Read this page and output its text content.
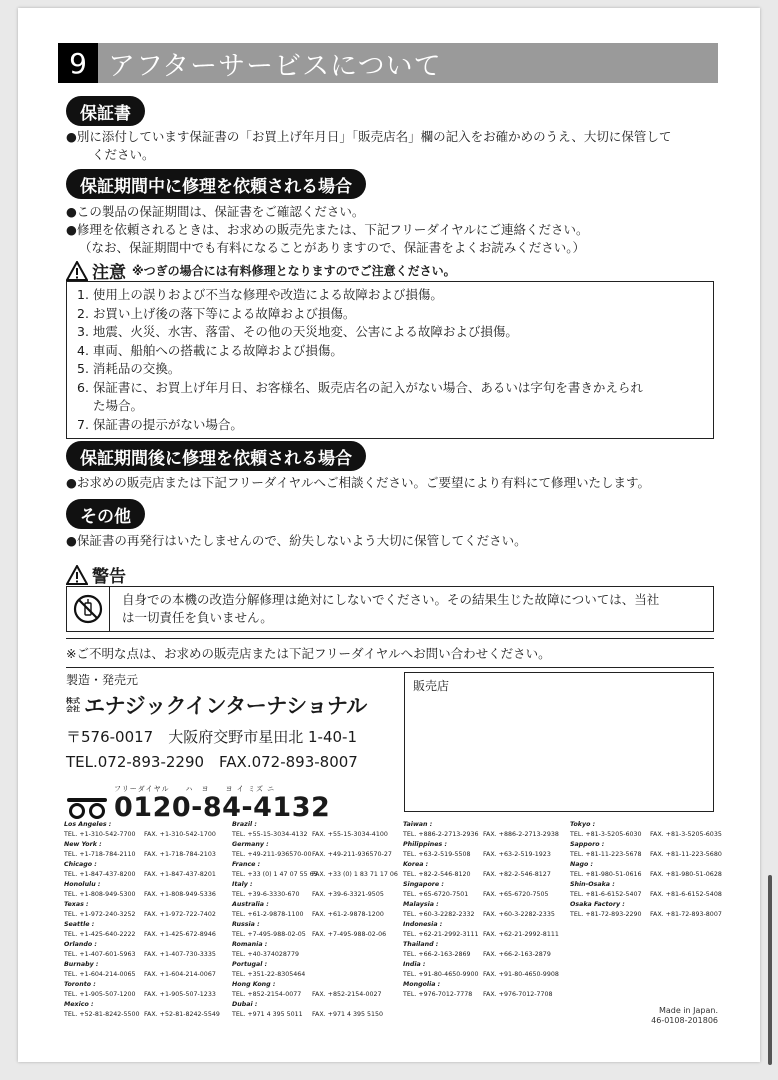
9 アフターサービスについて
保証書

●別に添付しています保証書の「お買上げ年月日」「販売店名」欄の記入をお確かめのうえ、大切に保管して

ください。

保証期間中に修理を依頼される場合

●この製品の保証期間は、保証書をご確認ください。

●修理を依頼されるときは、お求めの販売先または、下記フリーダイヤルにご連絡ください。

（なお、保証期間中でも有料になることがありますので、保証書をよくお読みください。）

注意 ※つぎの場合には有料修理となりますのでご注意ください。
1. 使用上の誤りおよび不当な修理や改造による故障および損傷。
2. お買い上げ後の落下等による故障および損傷。
3. 地震、火災、水害、落雷、その他の天災地変、公害による故障および損傷。
4. 車両、船舶への搭載による故障および損傷。
5. 消耗品の交換。
6. 保証書に、お買上げ年月日、お客様名、販売店名の記入がない場合、あるいは字句を書きかえられ
た場合。
7. 保証書の提示がない場合。
保証期間後に修理を依頼される場合
●お求めの販売店または下記フリーダイヤルへご相談ください。ご要望により有料にて修理いたします。
その他
●保証書の再発行はいたしませんので、紛失しないよう大切に保管してください。
警告
自身での本機の改造分解修理は絶対にしないでください。その結果生じた故障については、当社
は一切責任を負いません。
※ご不明な点は、お求めの販売店または下記フリーダイヤルへお問い合わせください。
製造・発売元
株式
会社 エナジックインターナショナル
〒576-0017　大阪府交野市星田北 1-40-1
TEL.072-893-2290　FAX.072-893-8007
フリーダイヤル　　ハ　ヨ　　ヨ イ ミズ ニ
0120-84-4132
販売店
Los Angeles :
TEL. +1-310-542-7700	FAX. +1-310-542-1700
New York :
TEL. +1-718-784-2110	FAX. +1-718-784-2103
Chicago :
TEL. +1-847-437-8200	FAX. +1-847-437-8201
Honolulu :
TEL. +1-808-949-5300	FAX. +1-808-949-5336
Texas :
TEL. +1-972-240-3252	FAX. +1-972-722-7402
Seattle :
TEL. +1-425-640-2222	FAX. +1-425-672-8946
Orlando :
TEL. +1-407-601-5963	FAX. +1-407-730-3335
Burnaby :
TEL. +1-604-214-0065	FAX. +1-604-214-0067
Toronto :
TEL. +1-905-507-1200	FAX. +1-905-507-1233
Mexico :
TEL. +52-81-8242-5500 FAX. +52-81-8242-5549
Brazil :
TEL. +55-15-3034-4132 FAX. +55-15-3034-4100
Germany :
TEL. +49-211-936570-00 FAX. +49-211-936570-27
France :
TEL. +33 (0) 1 47 07 55 65
FAX. +33 (0) 1 83 71 17 06
Italy :
TEL. +39-6-3330-670	FAX. +39-6-3321-9505
Australia :
TEL. +61-2-9878-1100	FAX. +61-2-9878-1200
Russia :
TEL. +7-495-988-02-05 FAX. +7-495-988-02-06
Romania :
TEL. +40-374028779
Portugal :
TEL. +351-22-8305464
Hong Kong :
TEL. +852-2154-0077	FAX. +852-2154-0027
Dubai :
TEL. +971 4 395 5011	FAX. +971 4 395 5150
Taiwan :
TEL. +886-2-2713-2936 FAX. +886-2-2713-2938
Philippines :
TEL. +63-2-519-5508	FAX. +63-2-519-1923
Korea :
TEL. +82-2-546-8120	FAX. +82-2-546-8127
Singapore :
TEL. +65-6720-7501	FAX. +65-6720-7505
Malaysia :
TEL. +60-3-2282-2332	FAX. +60-3-2282-2335
Indonesia :
TEL. +62-21-2992-3111 FAX. +62-21-2992-8111
Thailand :
TEL. +66-2-163-2869	FAX. +66-2-163-2879
India :
TEL. +91-80-4650-9900 FAX. +91-80-4650-9908
Mongolia :
TEL. +976-7012-7778	FAX. +976-7012-7708
Tokyo :
TEL. +81-3-5205-6030	FAX. +81-3-5205-6035
Sapporo :
TEL. +81-11-223-5678	FAX. +81-11-223-5680
Nago :
TEL. +81-980-51-0616	FAX. +81-980-51-0628
Shin-Osaka :
TEL. +81-6-6152-5407	FAX. +81-6-6152-5408
Osaka Factory :
TEL. +81-72-893-2290	FAX. +81-72-893-8007
Made in Japan.
46-0108-201806
